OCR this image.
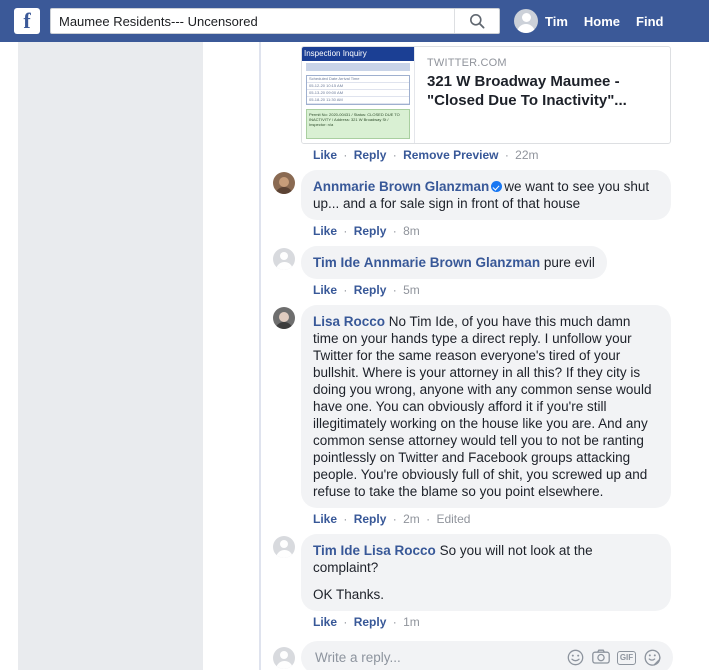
f
Maumee Residents--- Uncensored	Tim Home Find
Inspection Inquiry
Scheduled Date Arrival Time
05-12-20 10:15 AM
05-13-20 09:00 AM
05-18-20 11:30 AM
Permit No: 2020-00431 / Status: CLOSED DUE TO INACTIVITY / Address: 321 W Broadway St / Inspector: n/a
TWITTER.COM
321 W Broadway Maumee - "Closed Due To Inactivity"...
Like · Reply · Remove Preview · 22m
Annmarie Brown Glanzman we want to see you shut up... and a for sale sign in front of that house
Like · Reply · 8m
Tim Ide Annmarie Brown Glanzman pure evil
Like · Reply · 5m
Lisa Rocco No Tim Ide, of you have this much damn time on your hands type a direct reply. I unfollow your Twitter for the same reason everyone's tired of your bullshit. Where is your attorney in all this? If they city is doing you wrong, anyone with any common sense would have one. You can obviously afford it if you're still illegitimately working on the house like you are. And any common sense attorney would tell you to not be ranting pointlessly on Twitter and Facebook groups attacking people. You're obviously full of shit, you screwed up and refuse to take the blame so you point elsewhere.
Like · Reply · 2m · Edited
Tim Ide Lisa Rocco So you will not look at the complaint?
OK Thanks.
Like · Reply · 1m
Write a reply...
GIF
